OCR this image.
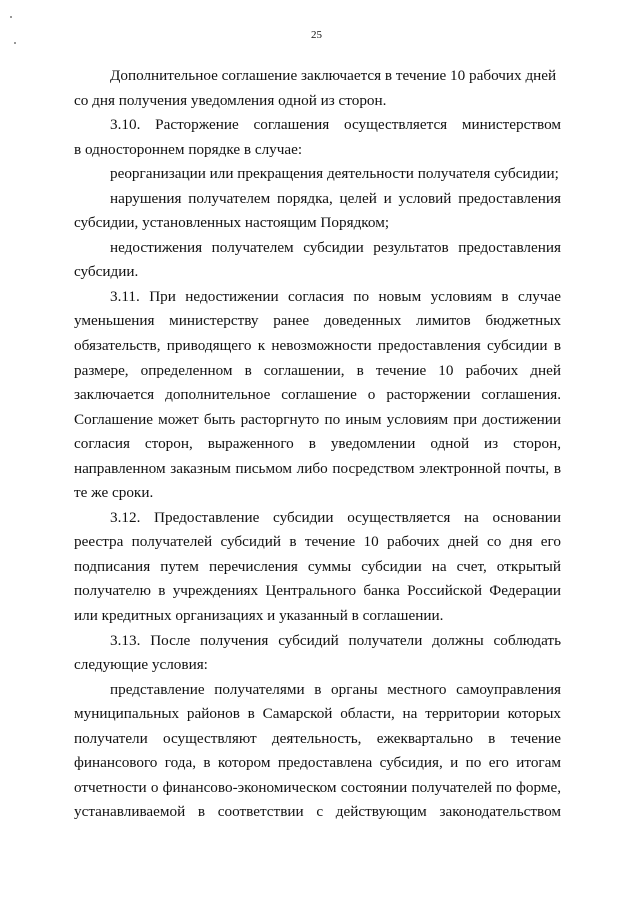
25
Дополнительное соглашение заключается в течение 10 рабочих дней
со дня получения уведомления одной из сторон.
3.10. Расторжение соглашения осуществляется министерством
в одностороннем порядке в случае:
реорганизации или прекращения деятельности получателя субсидии;
нарушения получателем порядка, целей и условий предоставления
субсидии, установленных настоящим Порядком;
недостижения получателем субсидии результатов предоставления
субсидии.
3.11. При недостижении согласия по новым условиям в случае
уменьшения министерству ранее доведенных лимитов бюджетных
обязательств, приводящего к невозможности предоставления субсидии в
размере, определенном в соглашении, в течение 10 рабочих дней
заключается дополнительное соглашение о расторжении соглашения.
Соглашение может быть расторгнуто по иным условиям при достижении
согласия сторон, выраженного в уведомлении одной из сторон,
направленном заказным письмом либо посредством электронной почты, в
те же сроки.
3.12. Предоставление субсидии осуществляется на основании
реестра получателей субсидий в течение 10 рабочих дней со дня его
подписания путем перечисления суммы субсидии на счет, открытый
получателю в учреждениях Центрального банка Российской Федерации
или кредитных организациях и указанный в соглашении.
3.13. После получения субсидий получатели должны соблюдать
следующие условия:
представление получателями в органы местного самоуправления
муниципальных районов в Самарской области, на территории которых
получатели осуществляют деятельность, ежеквартально в течение
финансового года, в котором предоставлена субсидия, и по его итогам
отчетности о финансово-экономическом состоянии получателей по форме,
устанавливаемой в соответствии с действующим законодательством
